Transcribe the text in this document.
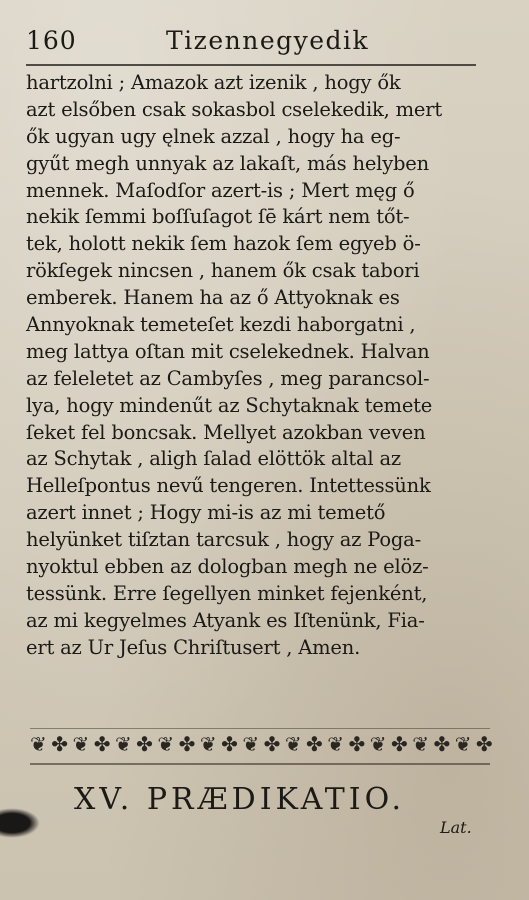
160	Tizennegyedik
hartzolni ; Amazok azt izenik , hogy ők
azt elsőben csak sokasbol cselekedik, mert
ők ugyan ugy ęlnek azzal , hogy ha eg-
gyűt megh unnyak az lakaſt, más helyben
mennek. Maſodſor azert-is ; Mert męg ő
nekik ſemmi boſſuſagot ſē kárt nem tőt-
tek, holott nekik ſem hazok ſem egyeb ö-
rökſegek nincsen , hanem ők csak tabori
emberek. Hanem ha az ő Attyoknak es
Annyoknak temeteſet kezdi haborgatni ,
meg lattya oſtan mit cselekednek. Halvan
az feleletet az Cambyſes , meg parancsol-
lya, hogy mindenűt az Schytaknak temete
ſeket fel boncsak. Mellyet azokban veven
az Schytak , aligh ſalad elöttök altal az
Helleſpontus nevű tengeren. Intettessünk
azert innet ; Hogy mi-is az mi temető
helyünket tiſztan tarcsuk , hogy az Poga-
nyoktul ebben az dologban megh ne elöz-
tessünk. Erre ſegellyen minket fejenként,
az mi kegyelmes Atyank es Iſtenünk, Fia-
ert az Ur Jeſus Chriſtusert , Amen.
❦ ✤ ❦ ✤ ❦ ✤ ❦ ✤ ❦ ✤ ❦ ✤ ❦ ✤ ❦ ✤ ❦ ✤ ❦ ✤ ❦ ✤
XV. PRÆDIKATIO.
Lat.
